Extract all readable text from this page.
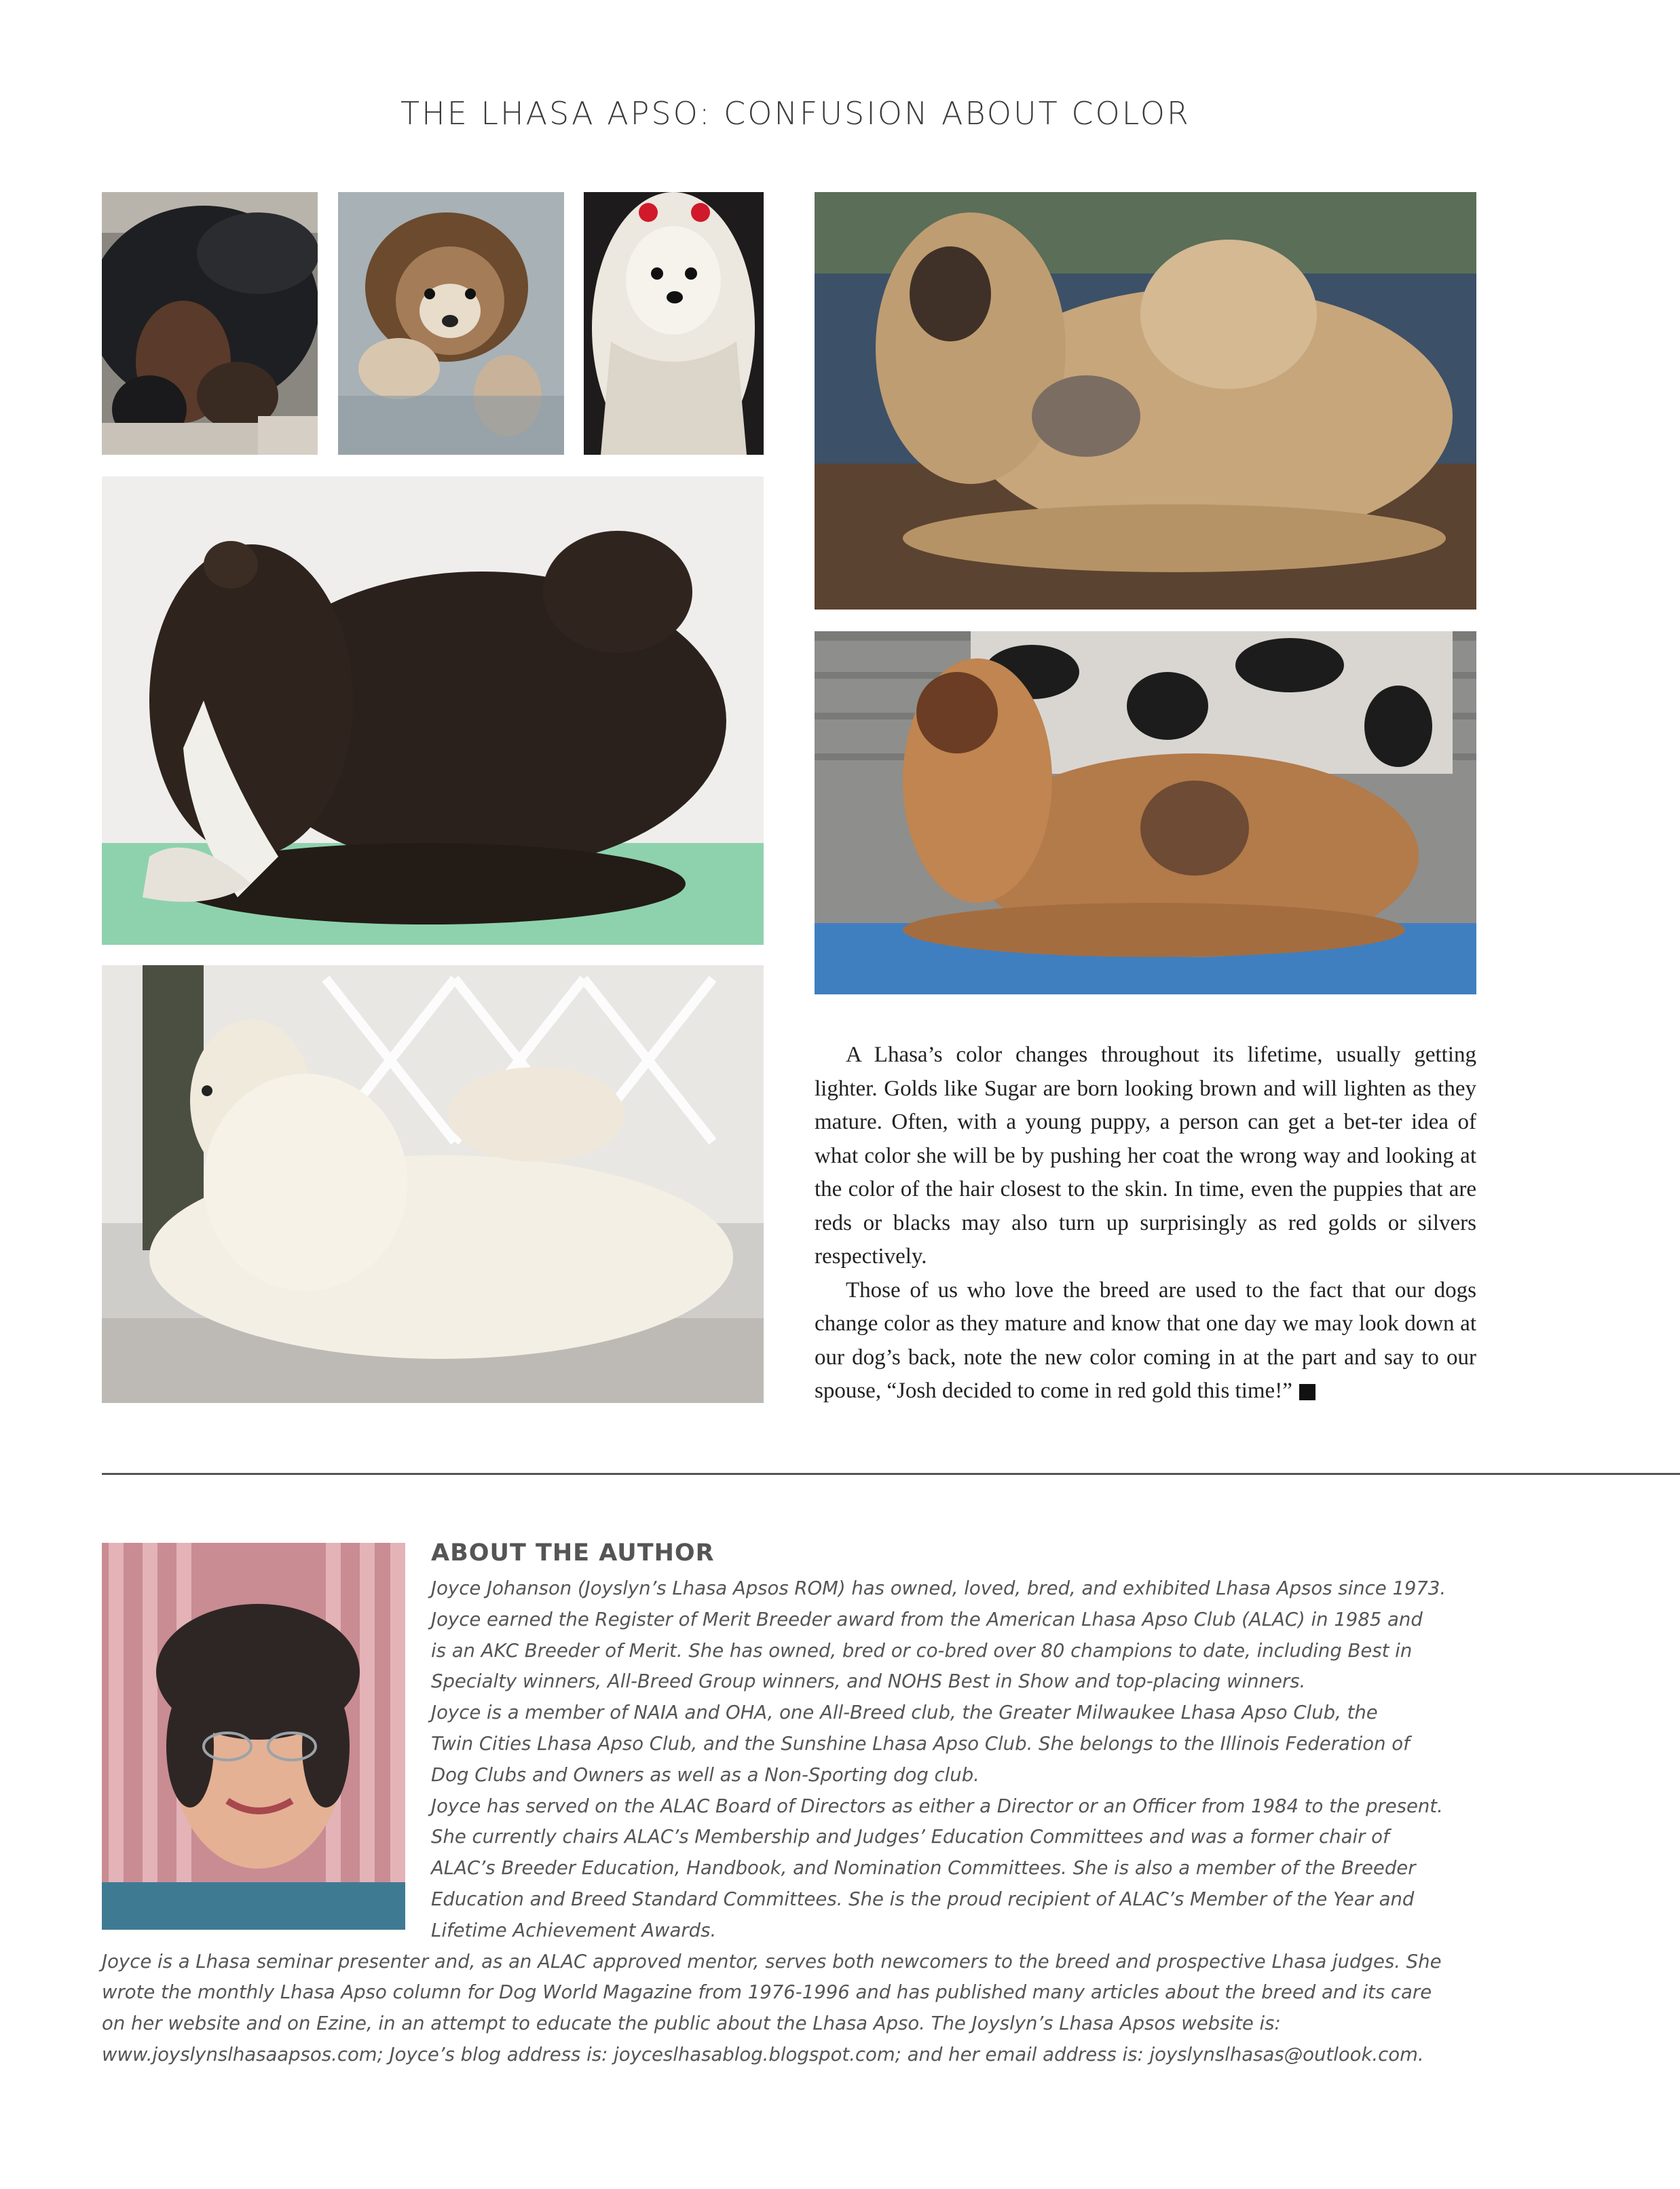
THE LHASA APSO: CONFUSION ABOUT COLOR

A Lhasa’s color changes throughout its lifetime, usually getting lighter. Golds like Sugar are born looking brown and will lighten as they mature. Often, with a young puppy, a person can get a bet-ter idea of what color she will be by pushing her coat the wrong way and looking at the color of the hair closest to the skin. In time, even the puppies that are reds or blacks may also turn up surprisingly as red golds or silvers respectively.

Those of us who love the breed are used to the fact that our dogs change color as they mature and know that one day we may look down at our dog’s back, note the new color coming in at the part and say to our spouse, “Josh decided to come in red gold this time!”

ABOUT THE AUTHOR
Joyce Johanson (Joyslyn’s Lhasa Apsos ROM) has owned, loved, bred, and exhibited Lhasa Apsos since 1973.
Joyce earned the Register of Merit Breeder award from the American Lhasa Apso Club (ALAC) in 1985 and
is an AKC Breeder of Merit. She has owned, bred or co-bred over 80 champions to date, including Best in
Specialty winners, All-Breed Group winners, and NOHS Best in Show and top-placing winners.
Joyce is a member of NAIA and OHA, one All-Breed club, the Greater Milwaukee Lhasa Apso Club, the
Twin Cities Lhasa Apso Club, and the Sunshine Lhasa Apso Club. She belongs to the Illinois Federation of
Dog Clubs and Owners as well as a Non-Sporting dog club.
Joyce has served on the ALAC Board of Directors as either a Director or an Officer from 1984 to the present.
She currently chairs ALAC’s Membership and Judges’ Education Committees and was a former chair of
ALAC’s Breeder Education, Handbook, and Nomination Committees. She is also a member of the Breeder
Education and Breed Standard Committees. She is the proud recipient of ALAC’s Member of the Year and
Lifetime Achievement Awards.
Joyce is a Lhasa seminar presenter and, as an ALAC approved mentor, serves both newcomers to the breed and prospective Lhasa judges. She
wrote the monthly Lhasa Apso column for Dog World Magazine from 1976-1996 and has published many articles about the breed and its care
on her website and on Ezine, in an attempt to educate the public about the Lhasa Apso. The Joyslyn’s Lhasa Apsos website is:
www.joyslynslhasaapsos.com; Joyce’s blog address is: joyceslhasablog.blogspot.com; and her email address is: joyslynslhasas@outlook.com.
